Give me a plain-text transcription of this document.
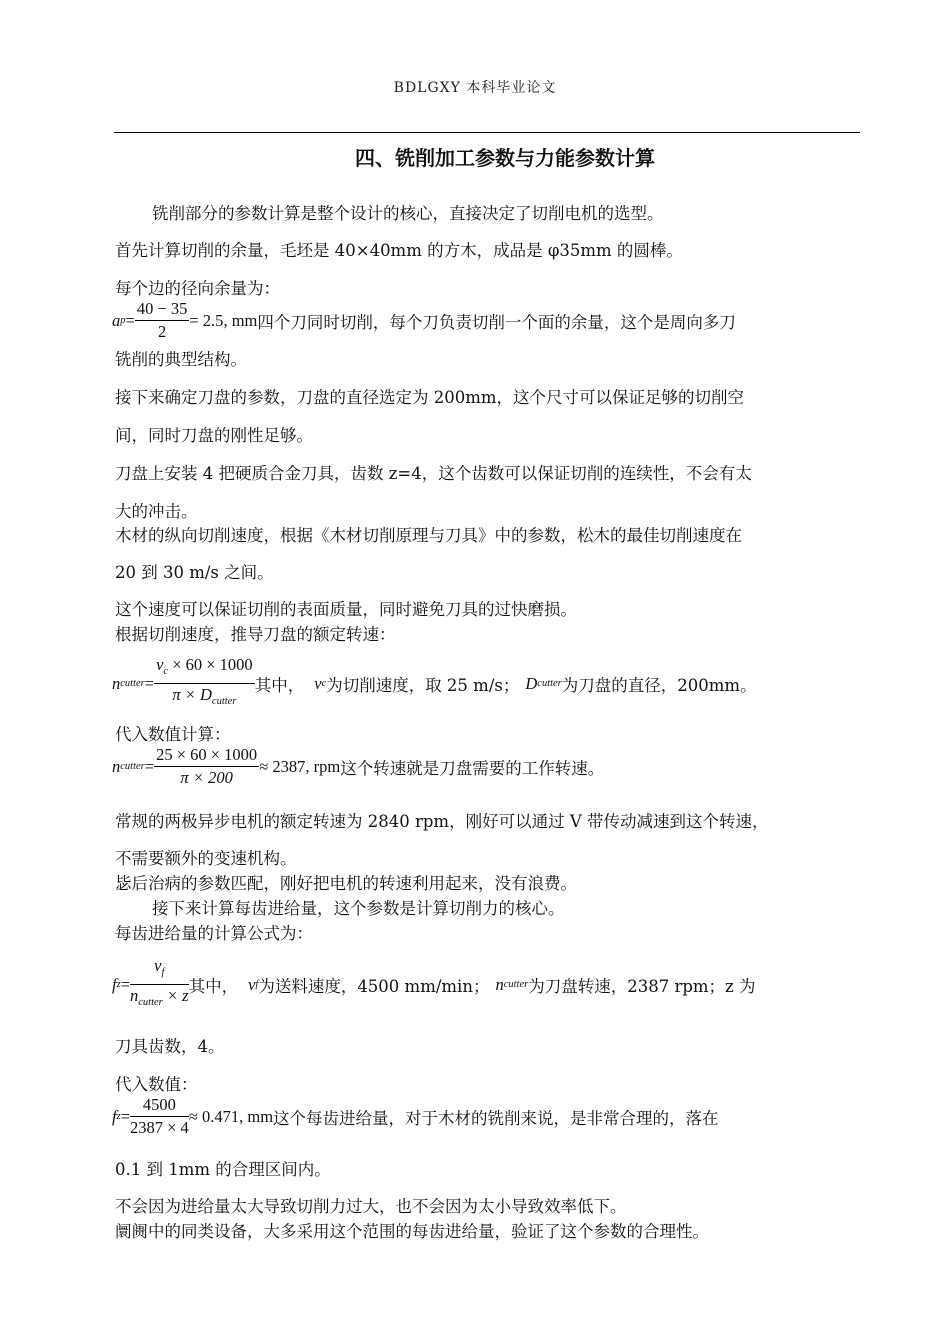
BDLGXY 本科毕业论文
四、铣削加工参数与力能参数计算
铣削部分的参数计算是整个设计的核心，直接决定了切削电机的选型。
首先计算切削的余量，毛坯是 40×40mm 的方木，成品是 φ35mm 的圆棒。
每个边的径向余量为：
a $p = \frac{40 - 35}{2} = 2.5$ , mm 四个刀同时切削，每个刀负责切削一个面的余量，这个是周向多刀
铣削的典型结构。
接下来确定刀盘的参数，刀盘的直径选定为 200mm，这个尺寸可以保证足够的切削空
间，同时刀盘的刚性足够。
刀盘上安装 4 把硬质合金刀具，齿数 z=4，这个齿数可以保证切削的连续性，不会有太
大的冲击。
木材的纵向切削速度，根据《木材切削原理与刀具》中的参数，松木的最佳切削速度在
20 到 30 m/s 之间。
这个速度可以保证切削的表面质量，同时避免刀具的过快磨损。
根据切削速度，推导刀盘的额定转速：
n cutter = $\frac{v_c \times 60 \times 1000}{\pi \times D_{cutter}}$ 其中， v c 为切削速度，取 25 m/s； D cutter 为刀盘的直径，200mm。
代入数值计算：
n cutter = $\frac{25 \times 60 \times 1000}{\pi \times 200} \approx 2387$ , rpm 这个转速就是刀盘需要的工作转速。
常规的两极异步电机的额定转速为 2840 rpm，刚好可以通过 V 带传动减速到这个转速，
不需要额外的变速机构。
毖后治病的参数匹配，刚好把电机的转速利用起来，没有浪费。
接下来计算每齿进给量，这个参数是计算切削力的核心。
每齿进给量的计算公式为：
f $z = \frac{v_f}{n_{cutter} \times z}$ 其中， v f 为送料速度，4500 mm/min； n cutter 为刀盘转速，2387 rpm；z 为
刀具齿数，4。
代入数值：
f $z = \frac{4500}{2387 \times 4} \approx 0.471$ , mm 这个每齿进给量，对于木材的铣削来说，是非常合理的，落在
0.1 到 1mm 的合理区间内。
不会因为进给量太大导致切削力过大，也不会因为太小导致效率低下。
阛阓中的同类设备，大多采用这个范围的每齿进给量，验证了这个参数的合理性。
